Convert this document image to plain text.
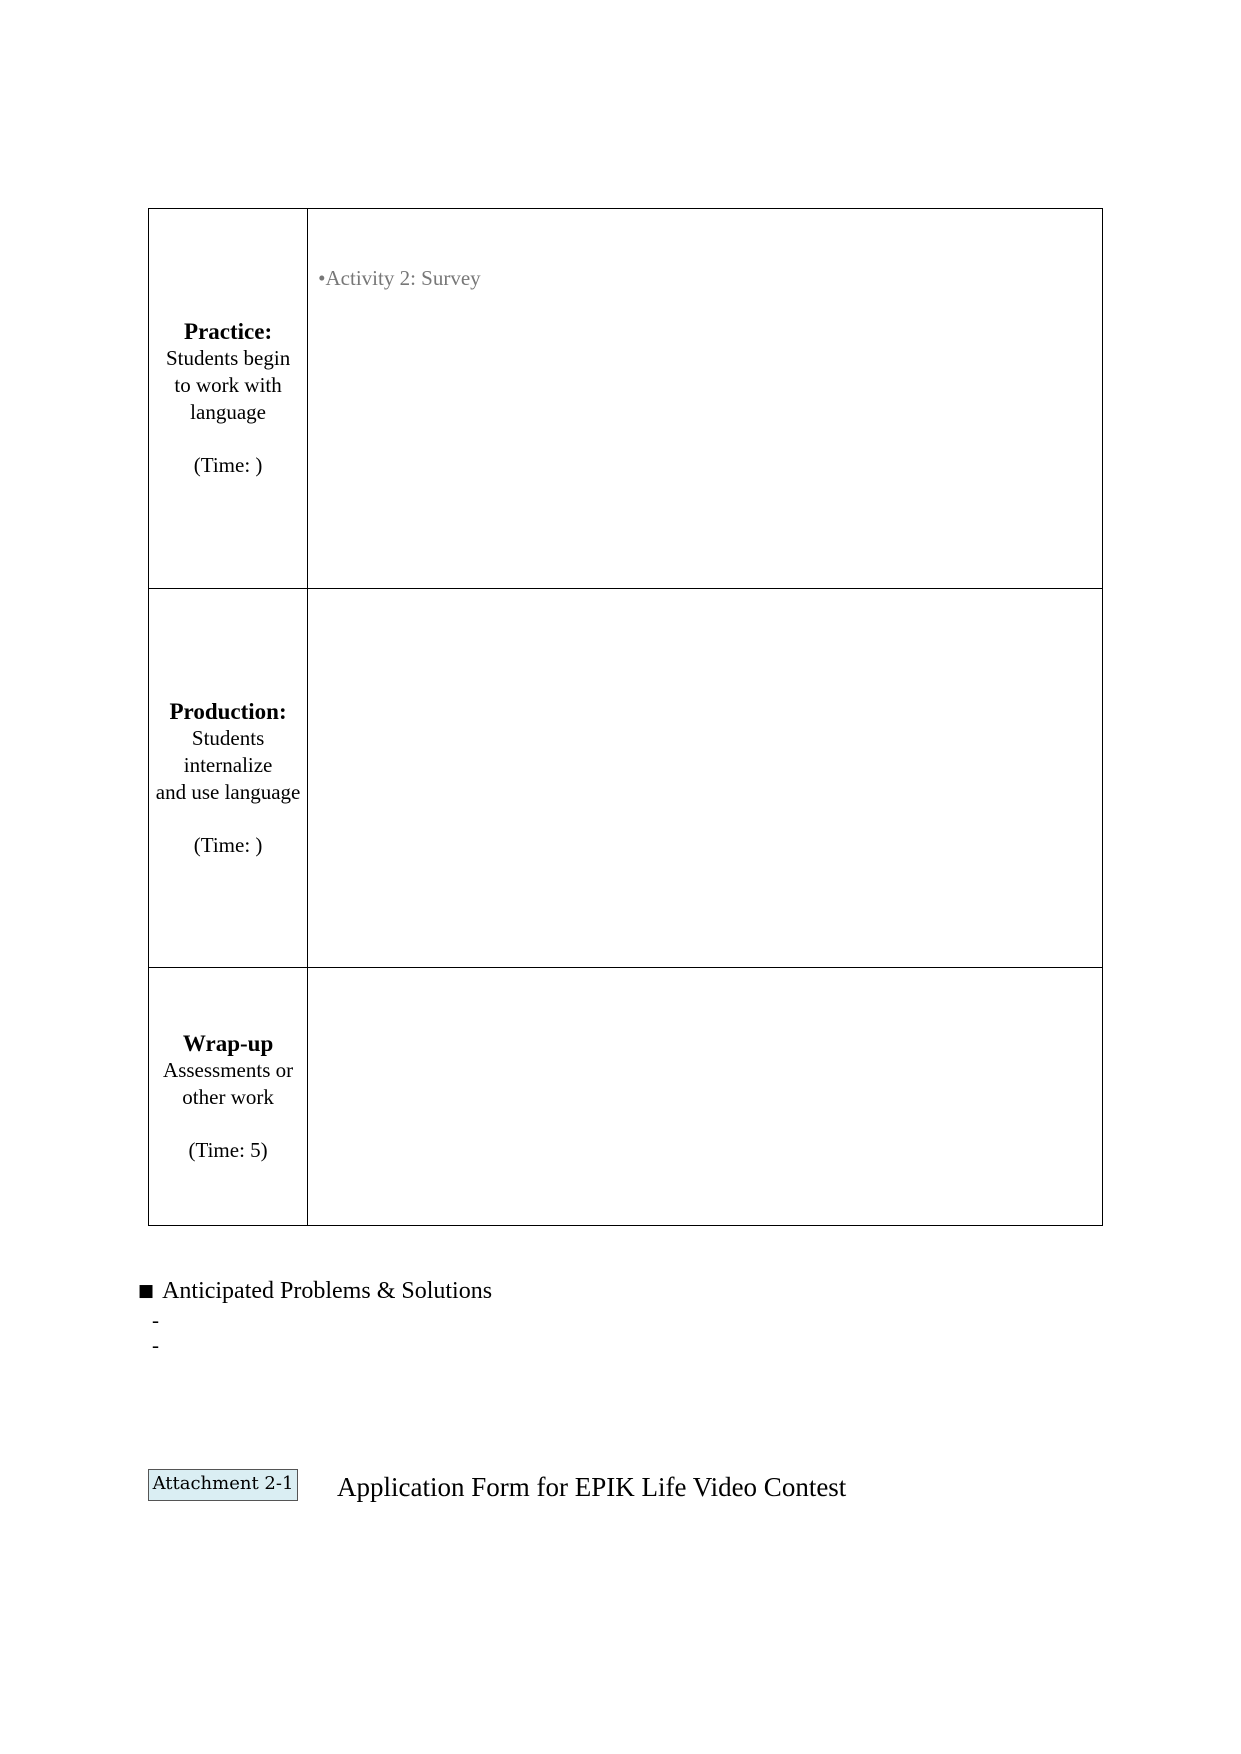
Practice:
Students begin
to work with
language
(Time: )	•Activity 2: Survey

Production:
Students
internalize
and use language
(Time: )	

Wrap-up
Assessments or
other work
(Time: 5)	

■ Anticipated Problems & Solutions
-
-
Attachment 2-1 Application Form for EPIK Life Video Contest
